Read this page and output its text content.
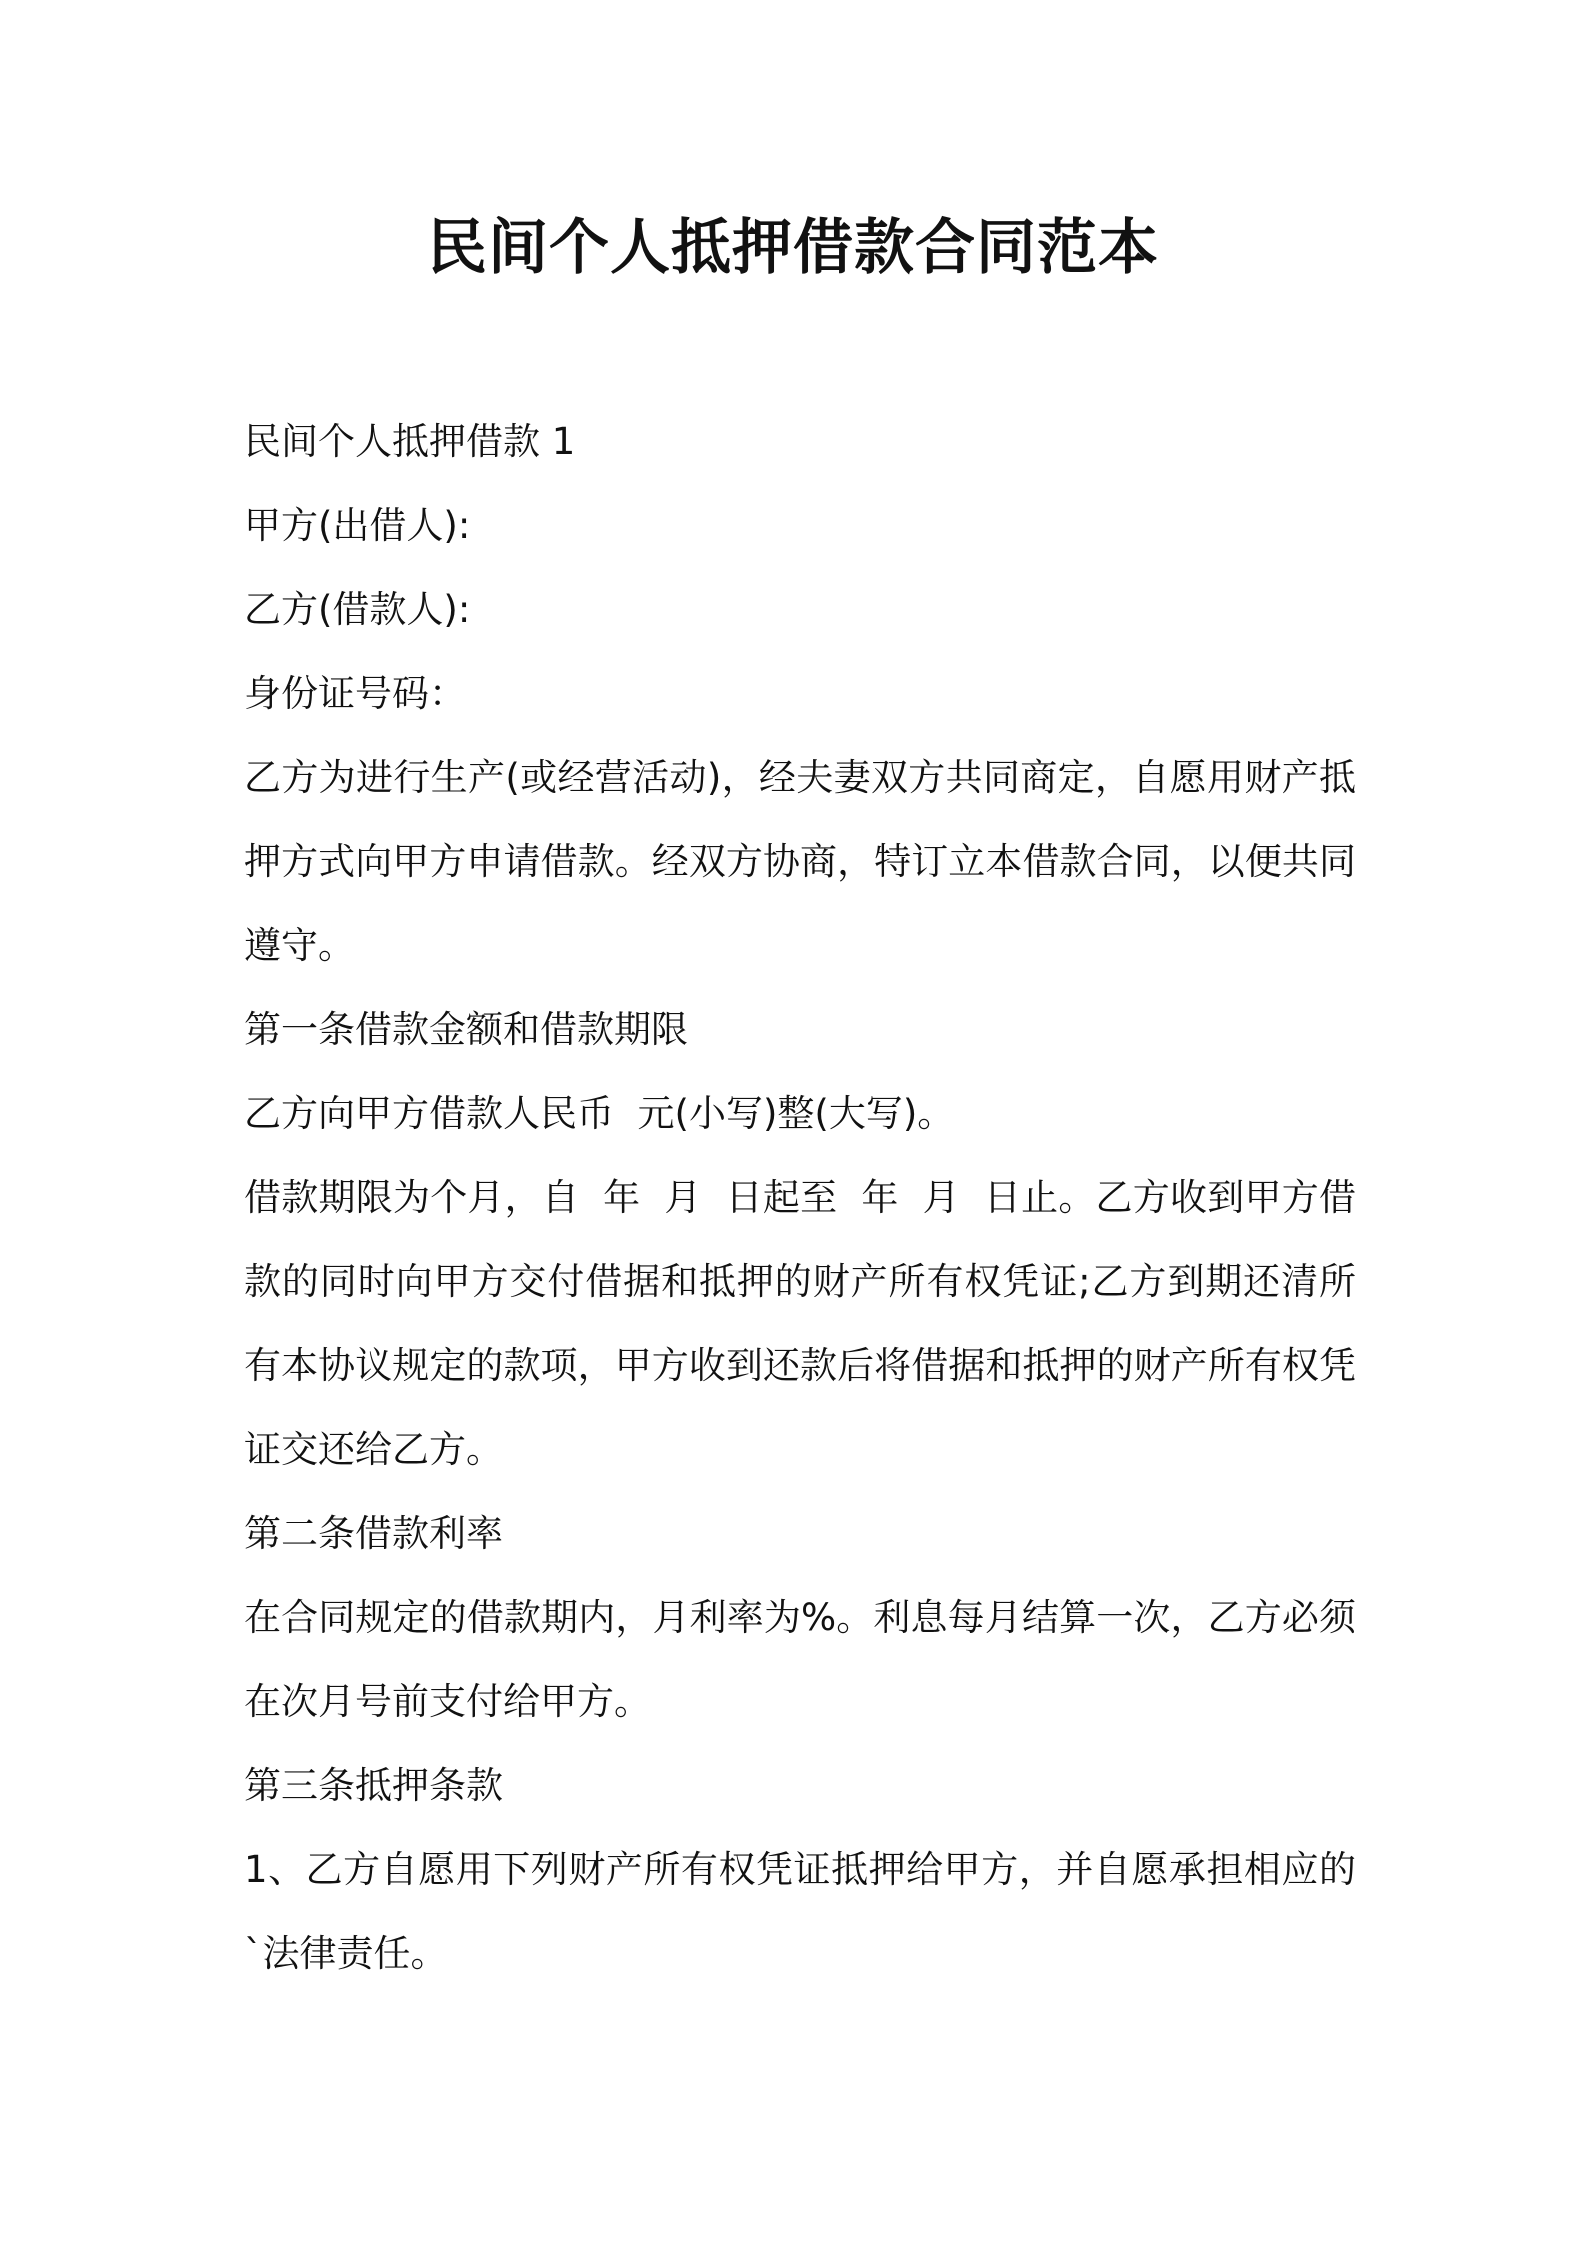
民间个人抵押借款合同范本

民间个人抵押借款 1

甲方(出借人):

乙方(借款人):

身份证号码：

乙方为进行生产(或经营活动)，经夫妻双方共同商定，自愿用财产抵押方式向甲方申请借款。经双方协商，特订立本借款合同，以便共同遵守。

第一条借款金额和借款期限

乙方向甲方借款人民币  元(小写)整(大写)。

借款期限为个月，自  年  月  日起至  年  月  日止。乙方收到甲方借款的同时向甲方交付借据和抵押的财产所有权凭证;乙方到期还清所有本协议规定的款项，甲方收到还款后将借据和抵押的财产所有权凭证交还给乙方。

第二条借款利率

在合同规定的借款期内，月利率为%。利息每月结算一次，乙方必须在次月号前支付给甲方。

第三条抵押条款

1、乙方自愿用下列财产所有权凭证抵押给甲方，并自愿承担相应的`法律责任。
